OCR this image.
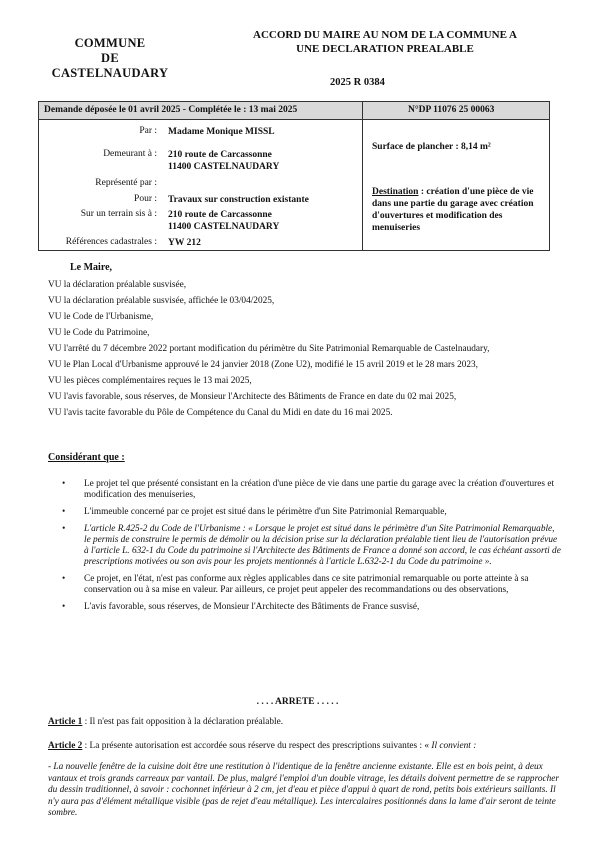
COMMUNE
DE
CASTELNAUDARY
ACCORD DU MAIRE AU NOM DE LA COMMUNE A
UNE DECLARATION PREALABLE
2025 R 0384
Demande déposée le 01 avril 2025 - Complétée le : 13 mai 2025	N°DP 11076 25 00063
Par : Madame Monique MISSL
Demeurant à : 210 route de Carcassonne
11400 CASTELNAUDARY
Représenté par :
Pour : Travaux sur construction existante
Sur un terrain sis à : 210 route de Carcassonne
11400 CASTELNAUDARY
Références cadastrales : YW 212
Surface de plancher : 8,14 m²
Destination : création d'une pièce de vie dans une partie du garage avec création d'ouvertures et modification des menuiseries
Le Maire,
VU la déclaration préalable susvisée,
VU la déclaration préalable susvisée, affichée le 03/04/2025,
VU le Code de l'Urbanisme,
VU le Code du Patrimoine,
VU l'arrêté du 7 décembre 2022 portant modification du périmètre du Site Patrimonial Remarquable de Castelnaudary,
VU le Plan Local d'Urbanisme approuvé le 24 janvier 2018 (Zone U2), modifié le 15 avril 2019 et le 28 mars 2023,
VU les pièces complémentaires reçues le 13 mai 2025,
VU l'avis favorable, sous réserves, de Monsieur l'Architecte des Bâtiments de France en date du 02 mai 2025,
VU l'avis tacite favorable du Pôle de Compétence du Canal du Midi en date du 16 mai 2025.
Considérant que :
• Le projet tel que présenté consistant en la création d'une pièce de vie dans une partie du garage avec la création d'ouvertures et modification des menuiseries,
• L'immeuble concerné par ce projet est situé dans le périmètre d'un Site Patrimonial Remarquable,
• L'article R.425-2 du Code de l'Urbanisme : « Lorsque le projet est situé dans le périmètre d'un Site Patrimonial Remarquable, le permis de construire le permis de démolir ou la décision prise sur la déclaration préalable tient lieu de l'autorisation prévue à l'article L. 632-1 du Code du patrimoine si l'Architecte des Bâtiments de France a donné son accord, le cas échéant assorti de prescriptions motivées ou son avis pour les projets mentionnés à l'article L.632-2-1 du Code du patrimoine ».
• Ce projet, en l'état, n'est pas conforme aux règles applicables dans ce site patrimonial remarquable ou porte atteinte à sa conservation ou à sa mise en valeur. Par ailleurs, ce projet peut appeler des recommandations ou des observations,
• L'avis favorable, sous réserves, de Monsieur l'Architecte des Bâtiments de France susvisé,
. . . . ARRETE . . . . .
Article 1 : Il n'est pas fait opposition à la déclaration préalable.
Article 2 : La présente autorisation est accordée sous réserve du respect des prescriptions suivantes : « Il convient :
- La nouvelle fenêtre de la cuisine doit être une restitution à l'identique de la fenêtre ancienne existante. Elle est en bois peint, à deux vantaux et trois grands carreaux par vantail. De plus, malgré l'emploi d'un double vitrage, les détails doivent permettre de se rapprocher du dessin traditionnel, à savoir : cochonnet inférieur à 2 cm, jet d'eau et pièce d'appui à quart de rond, petits bois extérieurs saillants. Il n'y aura pas d'élément métallique visible (pas de rejet d'eau métallique). Les intercalaires positionnés dans la lame d'air seront de teinte sombre.
